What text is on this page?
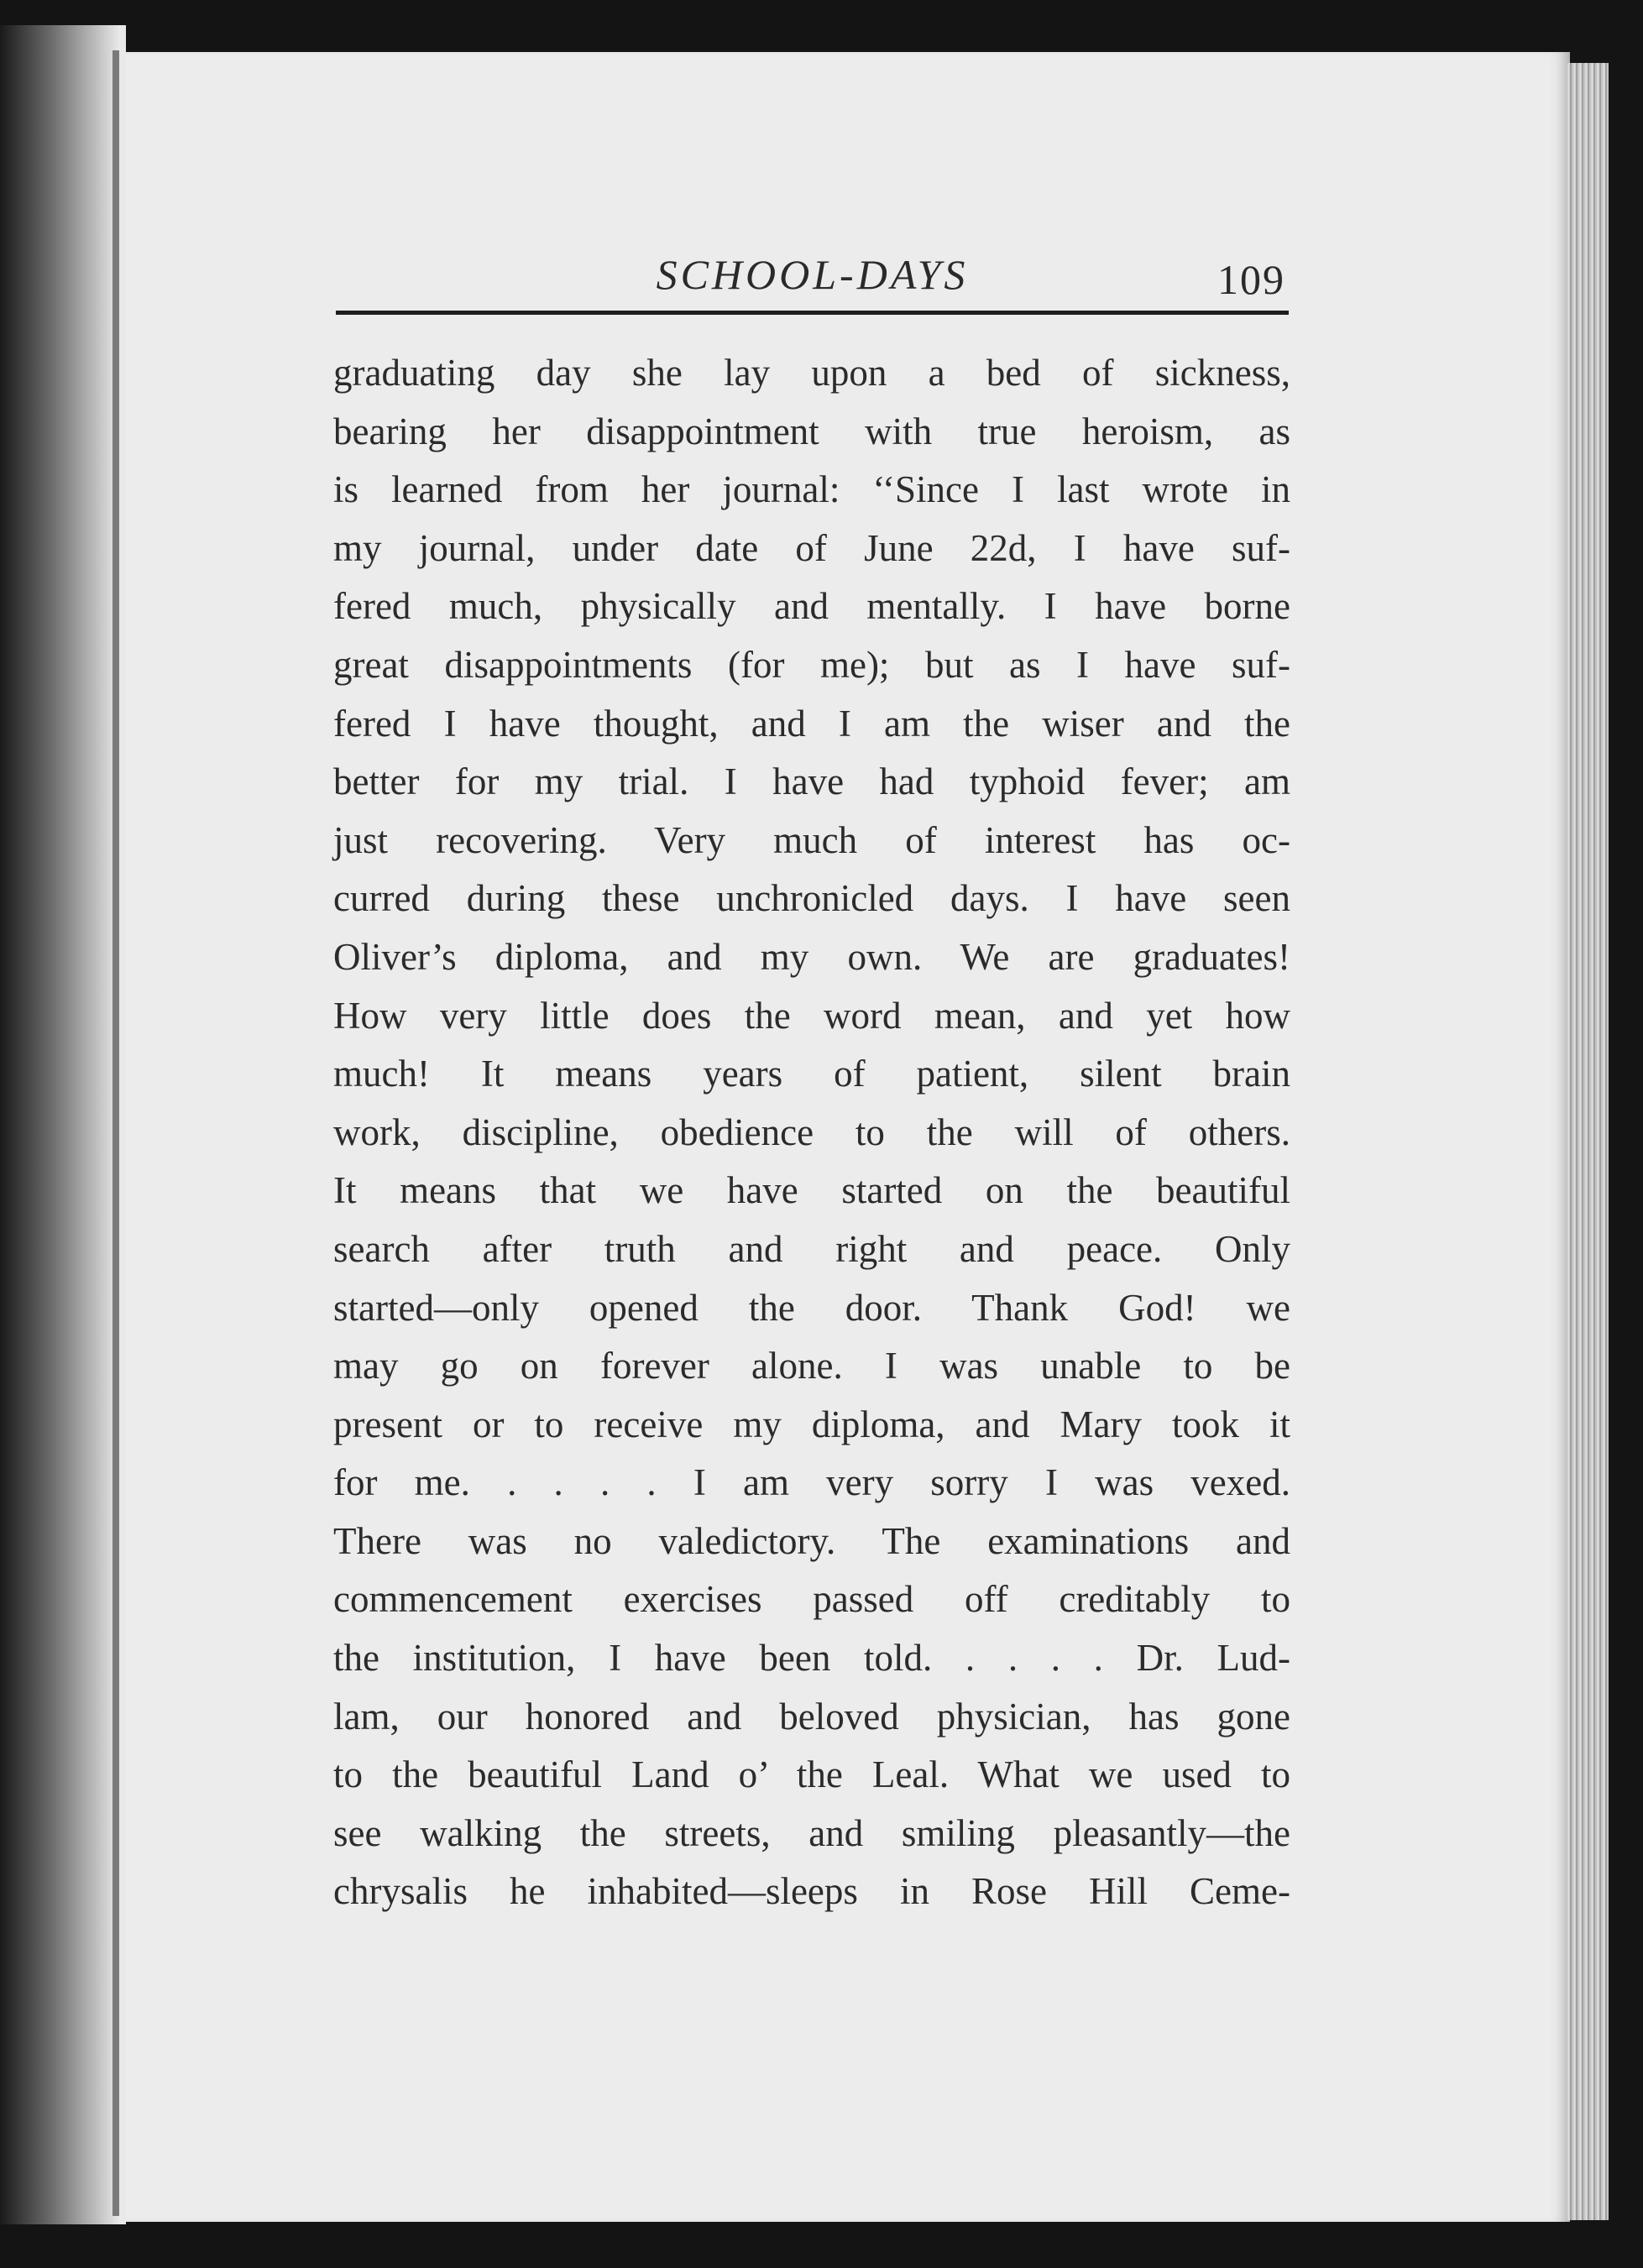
SCHOOL-DAYS	109
graduating day she lay upon a bed of sickness,
bearing her disappointment with true heroism, as
is learned from her journal: ‘‘Since I last wrote in
my journal, under date of June 22d, I have suf-
fered much, physically and mentally. I have borne
great disappointments (for me); but as I have suf-
fered I have thought, and I am the wiser and the
better for my trial. I have had typhoid fever; am
just recovering. Very much of interest has oc-
curred during these unchronicled days. I have seen
Oliver’s diploma, and my own. We are graduates!
How very little does the word mean, and yet how
much! It means years of patient, silent brain
work, discipline, obedience to the will of others.
It means that we have started on the beautiful
search after truth and right and peace. Only
started—only opened the door. Thank God! we
may go on forever alone. I was unable to be
present or to receive my diploma, and Mary took it
for me. . . . . I am very sorry I was vexed.
There was no valedictory. The examinations and
commencement exercises passed off creditably to
the institution, I have been told. . . . . Dr. Lud-
lam, our honored and beloved physician, has gone
to the beautiful Land o’ the Leal. What we used to
see walking the streets, and smiling pleasantly—the
chrysalis he inhabited—sleeps in Rose Hill Ceme-
